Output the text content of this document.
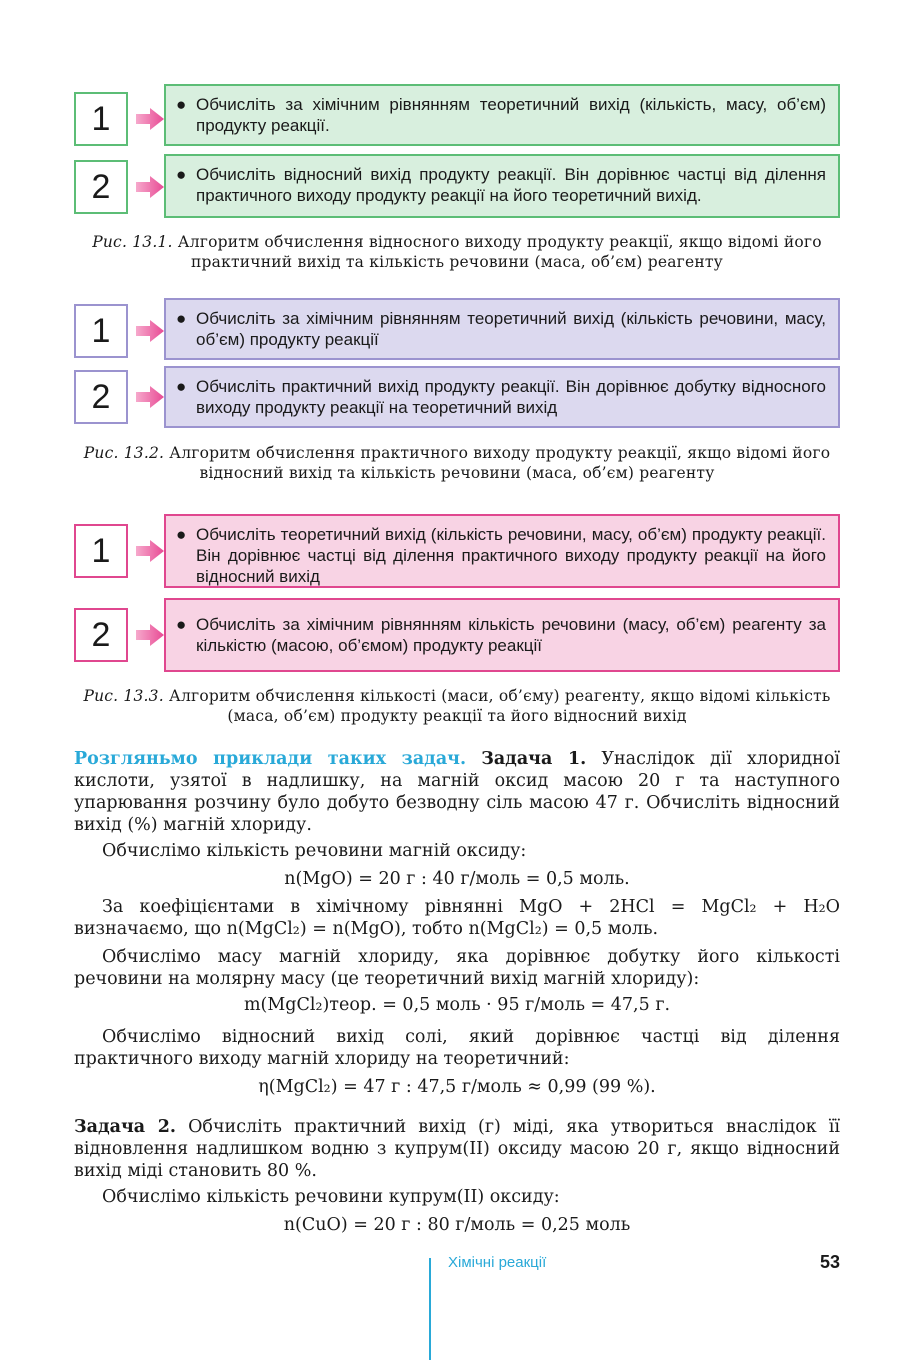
1	● Обчисліть за хімічним рівнянням теоретичний вихід (кількість, масу, об’єм) продукту реакції.
2	● Обчисліть відносний вихід продукту реакції. Він дорівнює частці від ділення практичного виходу продукту реакції на його теоретичний вихід.
Рис. 13.1. Алгоритм обчислення відносного виходу продукту реакції, якщо відомі його практичний вихід та кількість речовини (маса, об’єм) реагенту
1	● Обчисліть за хімічним рівнянням теоретичний вихід (кількість речовини, масу, об’єм) продукту реакції
2	● Обчисліть практичний вихід продукту реакції. Він дорівнює добутку відносного виходу продукту реакції на теоретичний вихід
Рис. 13.2. Алгоритм обчислення практичного виходу продукту реакції, якщо відомі його відносний вихід та кількість речовини (маса, об’єм) реагенту
1	● Обчисліть теоретичний вихід (кількість речовини, масу, об’єм) продукту реакції. Він дорівнює частці від ділення практичного виходу продукту реакції на його відносний вихід
2	● Обчисліть за хімічним рівнянням кількість речовини (масу, об’єм) реагенту за кількістю (масою, об’ємом) продукту реакції
Рис. 13.3. Алгоритм обчислення кількості (маси, об’єму) реагенту, якщо відомі кількість (маса, об’єм) продукту реакції та його відносний вихід
Розгляньмо приклади таких задач. Задача 1. Унаслідок дії хлоридної кислоти, узятої в надлишку, на магній оксид масою 20 г та наступного упарювання розчину було добуто безводну сіль масою 47 г. Обчисліть відносний вихід (%) магній хлориду.
Обчислімо кількість речовини магній оксиду:
n(MgO) = 20 г : 40 г/моль = 0,5 моль.
За коефіцієнтами в хімічному рівнянні MgO + 2HCl = MgCl₂ + H₂O визначаємо, що n(MgCl₂) = n(MgO), тобто n(MgCl₂) = 0,5 моль.
Обчислімо масу магній хлориду, яка дорівнює добутку його кількості речовини на молярну масу (це теоретичний вихід магній хлориду):
m(MgCl₂)теор. = 0,5 моль · 95 г/моль = 47,5 г.
Обчислімо відносний вихід солі, який дорівнює частці від ділення практичного виходу магній хлориду на теоретичний:
η(MgCl₂) = 47 г : 47,5 г/моль ≈ 0,99 (99 %).
Задача 2. Обчисліть практичний вихід (г) міді, яка утвориться внаслідок її відновлення надлишком водню з купрум(II) оксиду масою 20 г, якщо відносний вихід міді становить 80 %.
Обчислімо кількість речовини купрум(II) оксиду:
n(CuO) = 20 г : 80 г/моль = 0,25 моль
Хімічні реакції	53
